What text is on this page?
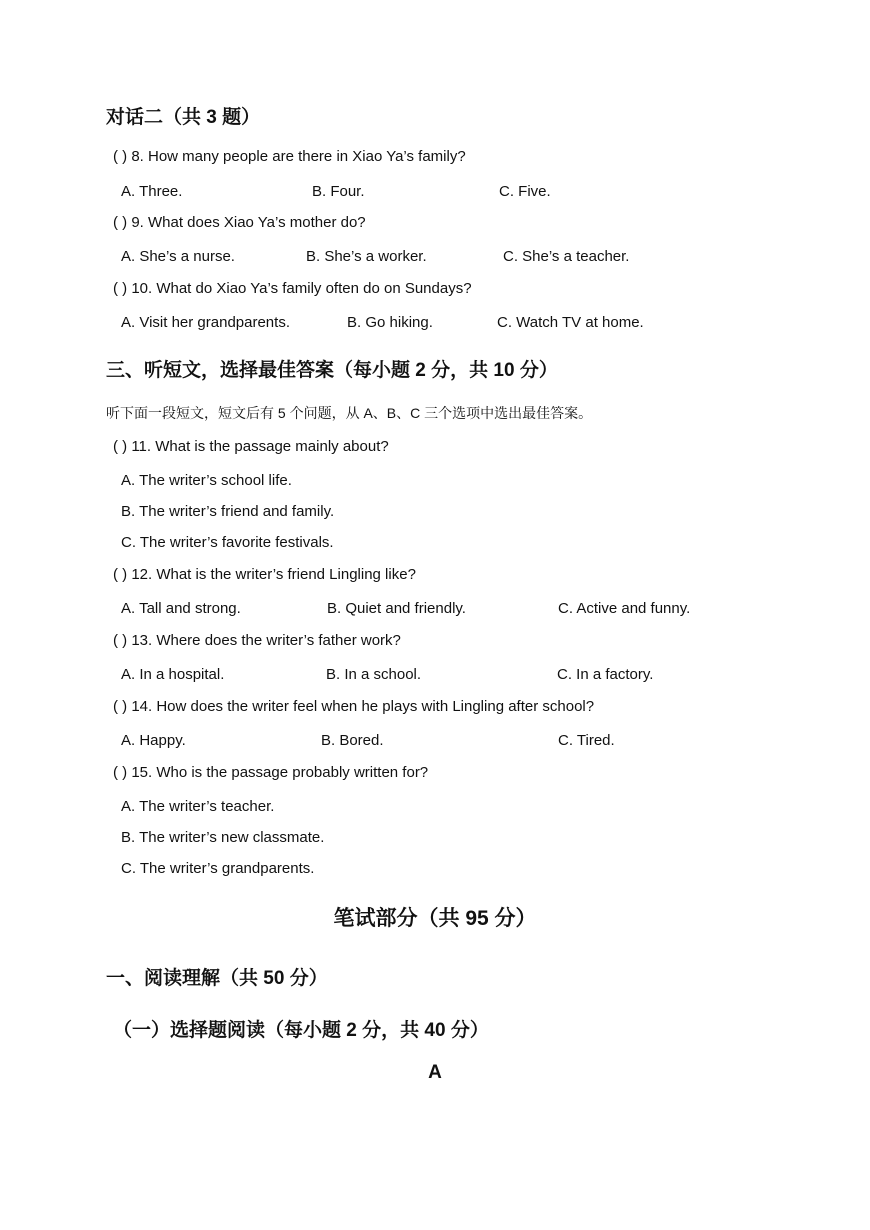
对话二（共 3 题）
( ) 8. How many people are there in Xiao Ya’s family?
A. Three.	B. Four.	C. Five.
( ) 9. What does Xiao Ya’s mother do?
A. She’s a nurse.	B. She’s a worker.	C. She’s a teacher.
( ) 10. What do Xiao Ya’s family often do on Sundays?
A. Visit her grandparents.	B. Go hiking.	C. Watch TV at home.
三、听短文，选择最佳答案（每小题 2 分，共 10 分）
听下面一段短文，短文后有 5 个问题，从 A、B、C 三个选项中选出最佳答案。
( ) 11. What is the passage mainly about?
A. The writer’s school life.
B. The writer’s friend and family.
C. The writer’s favorite festivals.
( ) 12. What is the writer’s friend Lingling like?
A. Tall and strong.	B. Quiet and friendly.	C. Active and funny.
( ) 13. Where does the writer’s father work?
A. In a hospital.	B. In a school.	C. In a factory.
( ) 14. How does the writer feel when he plays with Lingling after school?
A. Happy.	B. Bored.	C. Tired.
( ) 15. Who is the passage probably written for?
A. The writer’s teacher.
B. The writer’s new classmate.
C. The writer’s grandparents.
笔试部分（共 95 分）
一、阅读理解（共 50 分）
（一）选择题阅读（每小题 2 分，共 40 分）
A
